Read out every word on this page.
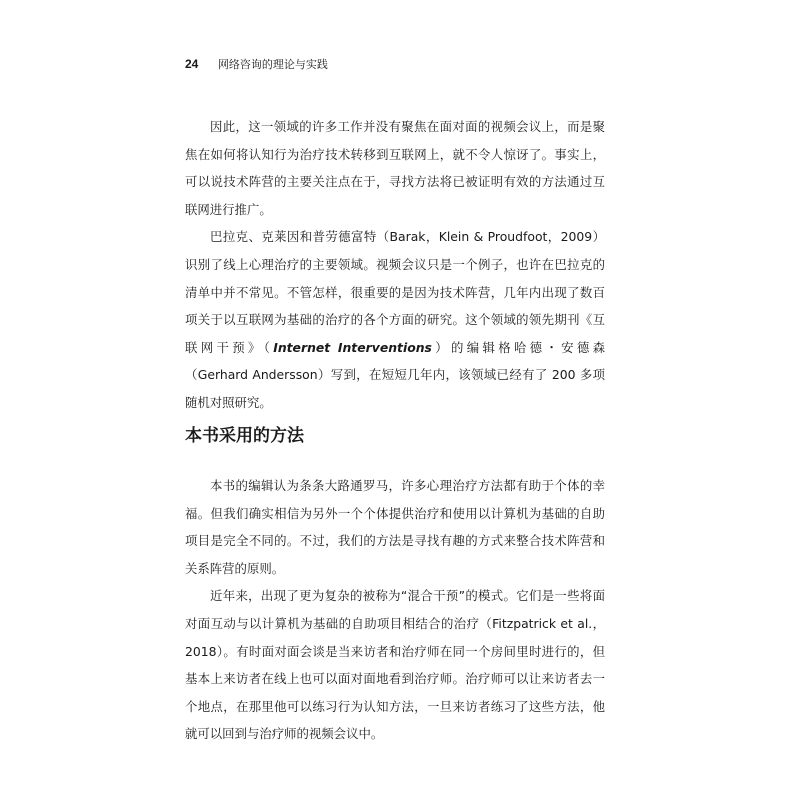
24 网络咨询的理论与实践

因此，这一领域的许多工作并没有聚焦在面对面的视频会议上，而是聚焦在如何将认知行为治疗技术转移到互联网上，就不令人惊讶了。事实上，可以说技术阵营的主要关注点在于，寻找方法将已被证明有效的方法通过互联网进行推广。

巴拉克、克莱因和普劳德富特（Barak，Klein & Proudfoot，2009）识别了线上心理治疗的主要领域。视频会议只是一个例子，也许在巴拉克的清单中并不常见。不管怎样，很重要的是因为技术阵营，几年内出现了数百项关于以互联网为基础的治疗的各个方面的研究。这个领域的领先期刊《互联网干预》（Internet Interventions）的编辑格哈德・安德森（Gerhard Andersson）写到，在短短几年内，该领域已经有了 200 多项随机对照研究。

本书采用的方法

本书的编辑认为条条大路通罗马，许多心理治疗方法都有助于个体的幸福。但我们确实相信为另外一个个体提供治疗和使用以计算机为基础的自助项目是完全不同的。不过，我们的方法是寻找有趣的方式来整合技术阵营和关系阵营的原则。

近年来，出现了更为复杂的被称为“混合干预”的模式。它们是一些将面对面互动与以计算机为基础的自助项目相结合的治疗（Fitzpatrick et al.，2018）。有时面对面会谈是当来访者和治疗师在同一个房间里时进行的，但基本上来访者在线上也可以面对面地看到治疗师。治疗师可以让来访者去一个地点，在那里他可以练习行为认知方法，一旦来访者练习了这些方法，他就可以回到与治疗师的视频会议中。
